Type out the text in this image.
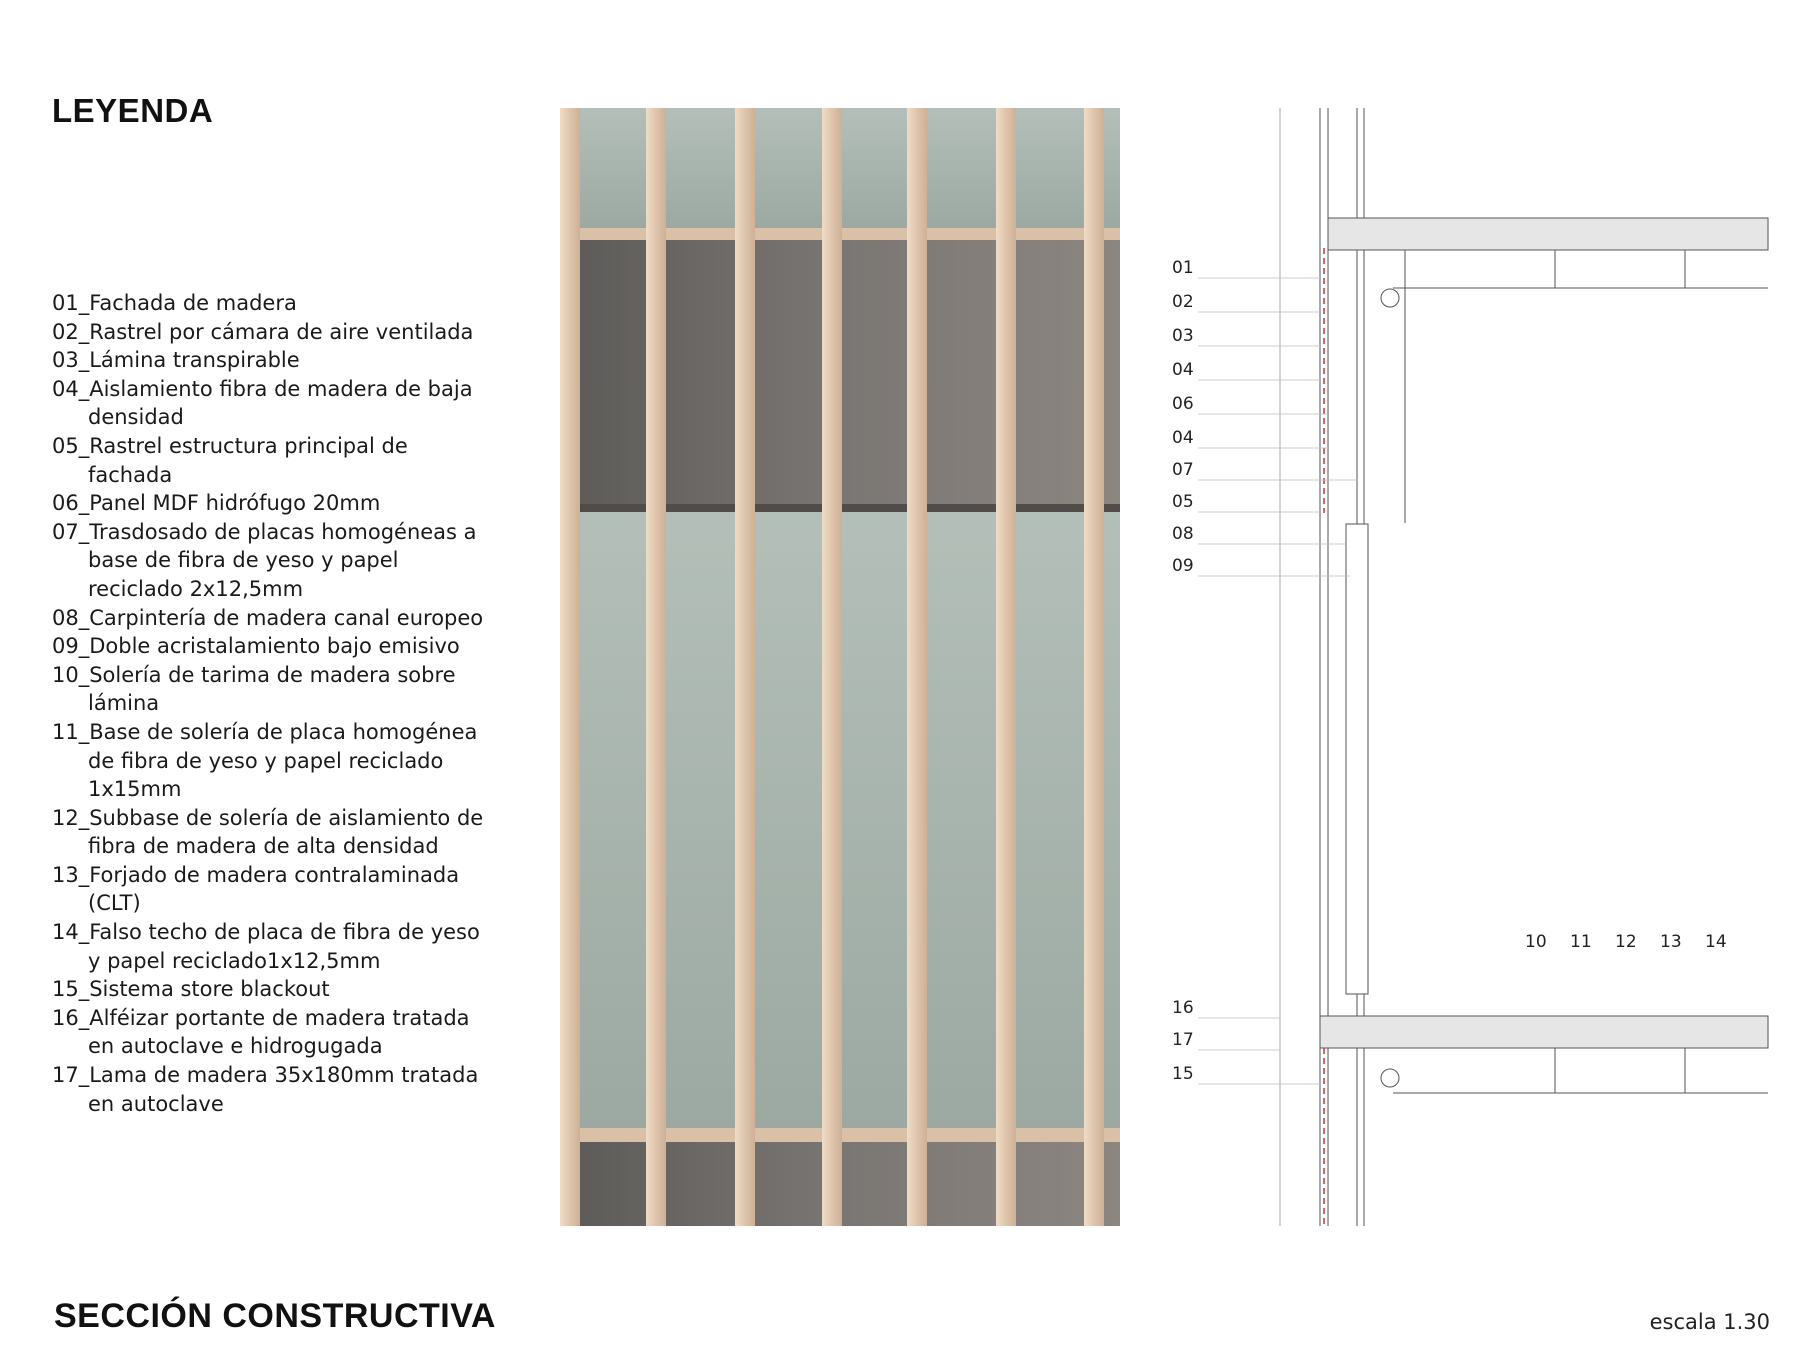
LEYENDA
01_Fachada de madera
02_Rastrel por cámara de aire ventilada
03_Lámina transpirable
04_Aislamiento fibra de madera de baja densidad
05_Rastrel estructura principal de fachada
06_Panel MDF hidrófugo 20mm
07_Trasdosado de placas homogéneas a base de fibra de yeso y papel reciclado 2x12,5mm
08_Carpintería de madera canal europeo
09_Doble acristalamiento bajo emisivo
10_Solería de tarima de madera sobre lámina
11_Base de solería de placa homogénea de fibra de yeso y papel reciclado 1x15mm
12_Subbase de solería de aislamiento de fibra de madera de alta densidad
13_Forjado de madera contralaminada (CLT)
14_Falso techo de placa de fibra de yeso y papel reciclado1x12,5mm
15_Sistema store blackout
16_Alféizar portante de madera tratada en autoclave e hidrogugada
17_Lama de madera 35x180mm tratada en autoclave
01
02
03
04
06
04
07
05
08
09
16
17
15
10 11 12 13 14
SECCIÓN CONSTRUCTIVA	escala 1.30
